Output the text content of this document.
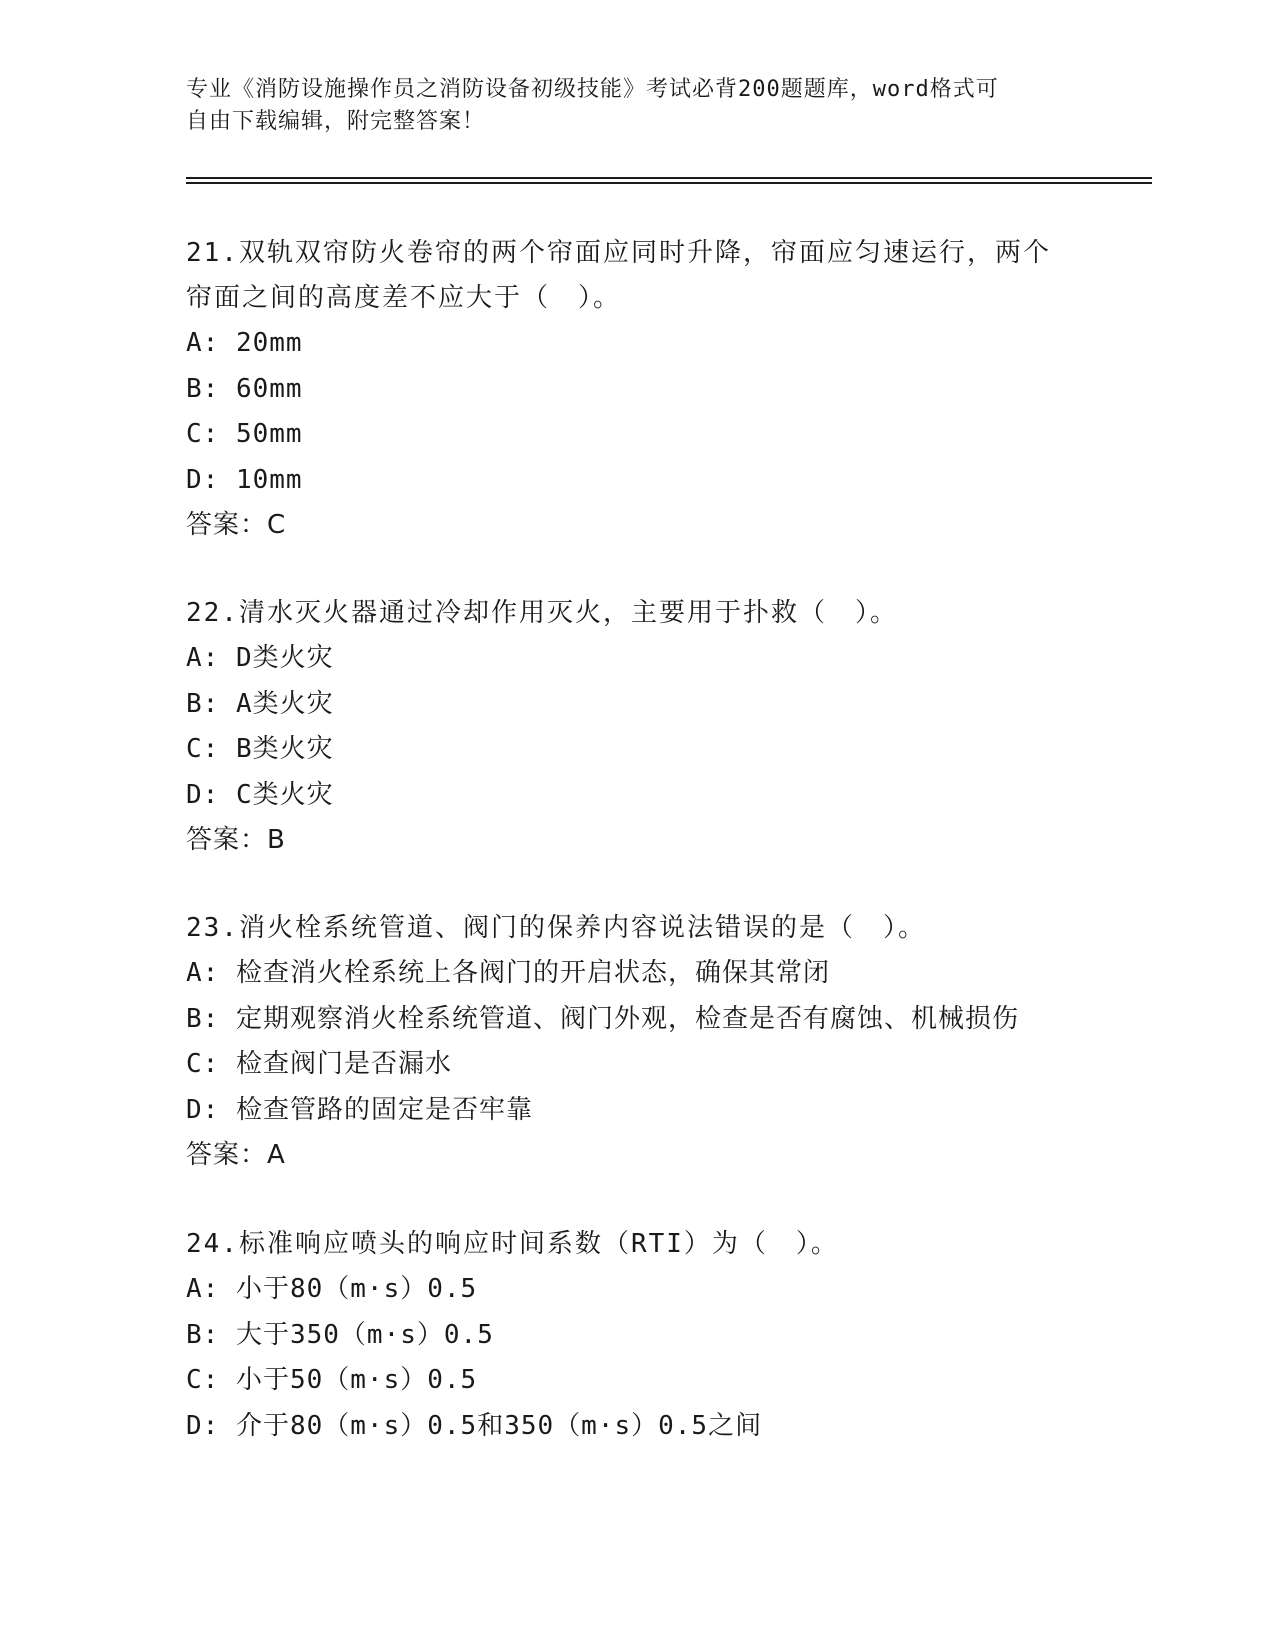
专业《消防设施操作员之消防设备初级技能》考试必背200题题库，word格式可
自由下载编辑，附完整答案！
21.双轨双帘防火卷帘的两个帘面应同时升降，帘面应匀速运行，两个
帘面之间的高度差不应大于（　）。
A: 20mm
B: 60mm
C: 50mm
D: 10mm
答案：C
22.清水灭火器通过冷却作用灭火，主要用于扑救（　）。
A: D类火灾
B: A类火灾
C: B类火灾
D: C类火灾
答案：B
23.消火栓系统管道、阀门的保养内容说法错误的是（　）。
A: 检查消火栓系统上各阀门的开启状态，确保其常闭
B: 定期观察消火栓系统管道、阀门外观，检查是否有腐蚀、机械损伤
C: 检查阀门是否漏水
D: 检查管路的固定是否牢靠
答案：A
24.标准响应喷头的响应时间系数（RTI）为（　）。
A: 小于80（m·s）0.5
B: 大于350（m·s）0.5
C: 小于50（m·s）0.5
D: 介于80（m·s）0.5和350（m·s）0.5之间
